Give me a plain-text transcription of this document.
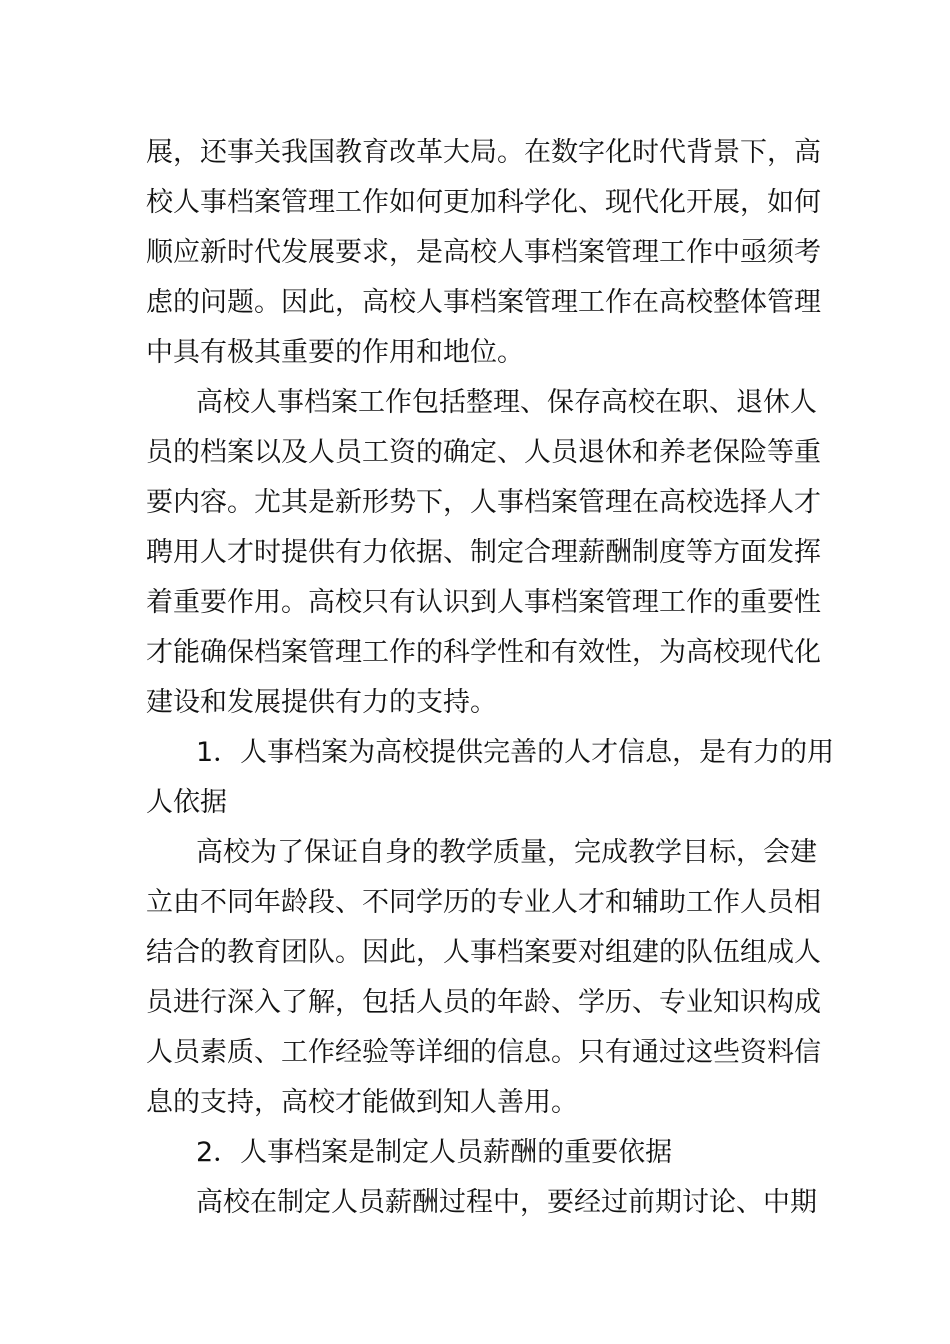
展，还事关我国教育改革大局。在数字化时代背景下，高
校人事档案管理工作如何更加科学化、现代化开展，如何
顺应新时代发展要求，是高校人事档案管理工作中亟须考
虑的问题。因此，高校人事档案管理工作在高校整体管理
中具有极其重要的作用和地位。
高校人事档案工作包括整理、保存高校在职、退休人
员的档案以及人员工资的确定、人员退休和养老保险等重
要内容。尤其是新形势下，人事档案管理在高校选择人才
聘用人才时提供有力依据、制定合理薪酬制度等方面发挥
着重要作用。高校只有认识到人事档案管理工作的重要性
才能确保档案管理工作的科学性和有效性，为高校现代化
建设和发展提供有力的支持。
1．人事档案为高校提供完善的人才信息，是有力的用
人依据
高校为了保证自身的教学质量，完成教学目标，会建
立由不同年龄段、不同学历的专业人才和辅助工作人员相
结合的教育团队。因此，人事档案要对组建的队伍组成人
员进行深入了解，包括人员的年龄、学历、专业知识构成
人员素质、工作经验等详细的信息。只有通过这些资料信
息的支持，高校才能做到知人善用。
2．人事档案是制定人员薪酬的重要依据
高校在制定人员薪酬过程中，要经过前期讨论、中期
